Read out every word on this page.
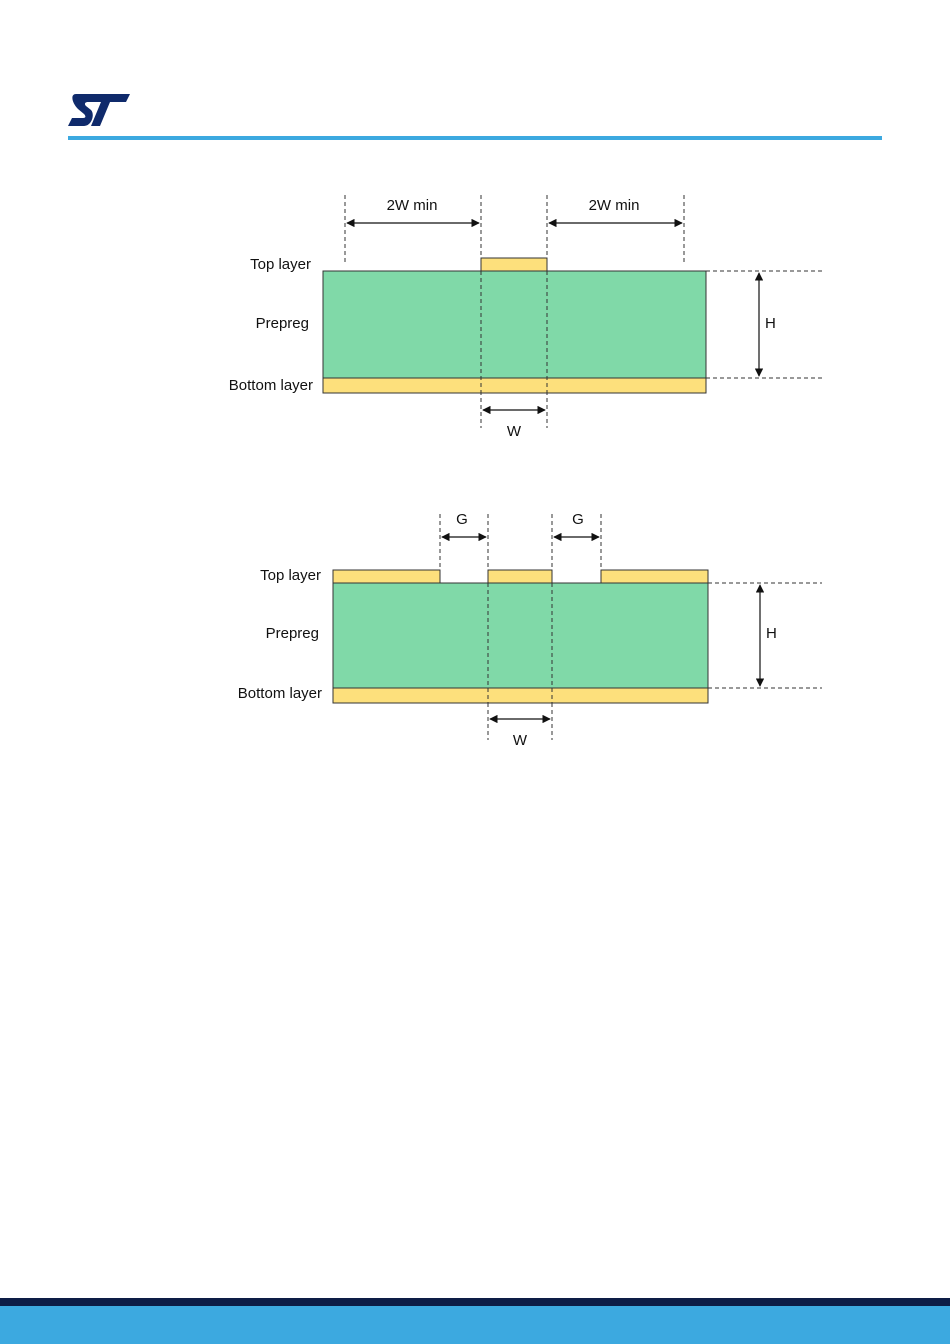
2W min	2W min
Top layer
Prepreg
Bottom layer
H
W
G	G
Top layer
Prepreg
Bottom layer
H
W
